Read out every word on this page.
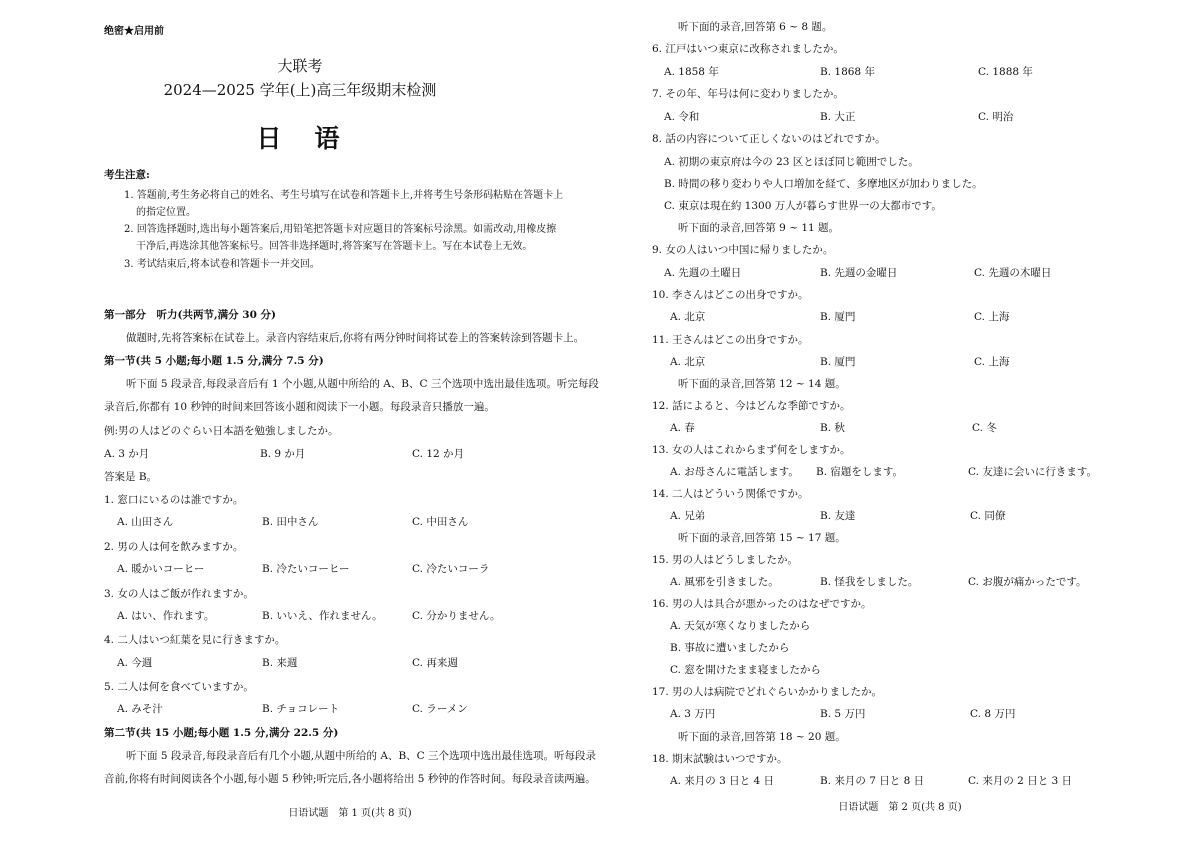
绝密★启用前
大联考
2024—2025 学年(上)高三年级期末检测
日　语
考生注意:
1. 答题前,考生务必将自己的姓名、考生号填写在试卷和答题卡上,并将考生号条形码粘贴在答题卡上
的指定位置。
2. 回答选择题时,选出每小题答案后,用铅笔把答题卡对应题目的答案标号涂黑。如需改动,用橡皮擦
干净后,再选涂其他答案标号。回答非选择题时,将答案写在答题卡上。写在本试卷上无效。
3. 考试结束后,将本试卷和答题卡一并交回。
第一部分　听力(共两节,满分 30 分)
做题时,先将答案标在试卷上。录音内容结束后,你将有两分钟时间将试卷上的答案转涂到答题卡上。
第一节(共 5 小题;每小题 1.5 分,满分 7.5 分)
听下面 5 段录音,每段录音后有 1 个小题,从题中所给的 A、B、C 三个选项中选出最佳选项。听完每段
录音后,你都有 10 秒钟的时间来回答该小题和阅读下一小题。每段录音只播放一遍。
例:男の人はどのぐらい日本語を勉強しましたか。
A. 3 か月	B. 9 か月	C. 12 か月
答案是 B。
1. 窓口にいるのは誰ですか。
A. 山田さん	B. 田中さん	C. 中田さん
2. 男の人は何を飲みますか。
A. 暖かいコーヒー	B. 冷たいコーヒー	C. 冷たいコーラ
3. 女の人はご飯が作れますか。
A. はい、作れます。	B. いいえ、作れません。	C. 分かりません。
4. 二人はいつ紅葉を見に行きますか。
A. 今週	B. 来週	C. 再来週
5. 二人は何を食べていますか。
A. みそ汁	B. チョコレート	C. ラーメン
第二节(共 15 小题;每小题 1.5 分,满分 22.5 分)
听下面 5 段录音,每段录音后有几个小题,从题中所给的 A、B、C 三个选项中选出最佳选项。听每段录
音前,你将有时间阅读各个小题,每小题 5 秒钟;听完后,各小题将给出 5 秒钟的作答时间。每段录音读两遍。
日语试题　第 1 页(共 8 页)
听下面的录音,回答第 6 ~ 8 题。
6. 江戸はいつ東京に改称されましたか。
A. 1858 年	B. 1868 年	C. 1888 年
7. その年、年号は何に変わりましたか。
A. 令和	B. 大正	C. 明治
8. 話の内容について正しくないのはどれですか。
A. 初期の東京府は今の 23 区とほぼ同じ範囲でした。
B. 時間の移り変わりや人口増加を経て、多摩地区が加わりました。
C. 東京は現在約 1300 万人が暮らす世界一の大都市です。
听下面的录音,回答第 9 ~ 11 题。
9. 女の人はいつ中国に帰りましたか。
A. 先週の土曜日	B. 先週の金曜日	C. 先週の木曜日
10. 李さんはどこの出身ですか。
A. 北京	B. 厦門	C. 上海
11. 王さんはどこの出身ですか。
A. 北京	B. 厦門	C. 上海
听下面的录音,回答第 12 ~ 14 题。
12. 話によると、今はどんな季節ですか。
A. 春	B. 秋	C. 冬
13. 女の人はこれからまず何をしますか。
A. お母さんに電話します。 B. 宿題をします。	C. 友達に会いに行きます。
14. 二人はどういう関係ですか。
A. 兄弟	B. 友達	C. 同僚
听下面的录音,回答第 15 ~ 17 题。
15. 男の人はどうしましたか。
A. 風邪を引きました。	B. 怪我をしました。	C. お腹が痛かったです。
16. 男の人は具合が悪かったのはなぜですか。
A. 天気が寒くなりましたから
B. 事故に遭いましたから
C. 窓を開けたまま寝ましたから
17. 男の人は病院でどれぐらいかかりましたか。
A. 3 万円	B. 5 万円	C. 8 万円
听下面的录音,回答第 18 ~ 20 题。
18. 期末試験はいつですか。
A. 来月の 3 日と 4 日	B. 来月の 7 日と 8 日	C. 来月の 2 日と 3 日
日语试题　第 2 页(共 8 页)
